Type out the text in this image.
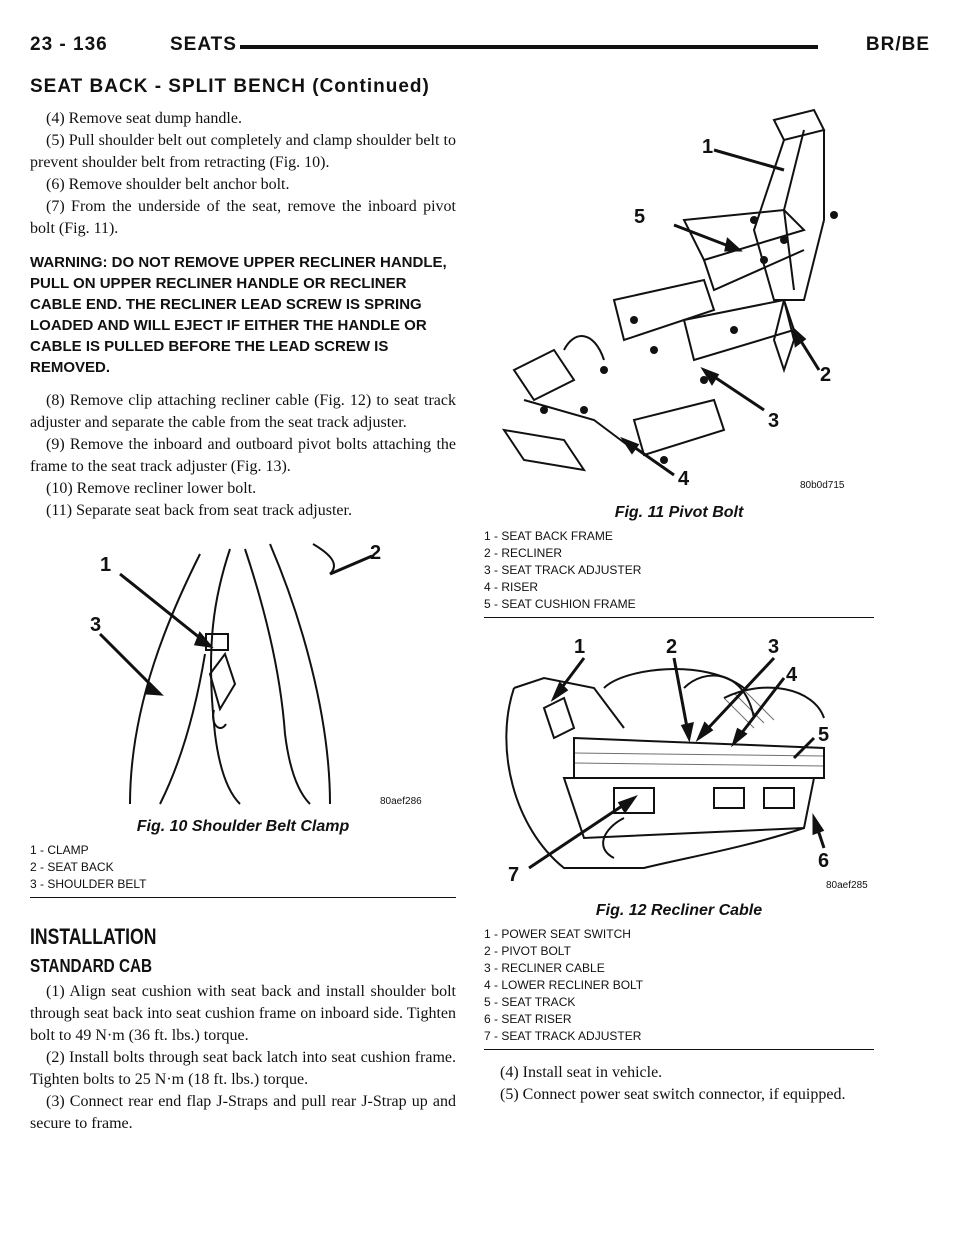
23 - 136	SEATS	BR/BE
SEAT BACK - SPLIT BENCH (Continued)

(4) Remove seat dump handle.

(5) Pull shoulder belt out completely and clamp shoulder belt to prevent shoulder belt from retracting (Fig. 10).

(6) Remove shoulder belt anchor bolt.

(7) From the underside of the seat, remove the inboard pivot bolt (Fig. 11).

WARNING: DO NOT REMOVE UPPER RECLINER HANDLE, PULL ON UPPER RECLINER HANDLE OR RECLINER CABLE END. THE RECLINER LEAD SCREW IS SPRING LOADED AND WILL EJECT IF EITHER THE HANDLE OR CABLE IS PULLED BEFORE THE LEAD SCREW IS REMOVED.

(8) Remove clip attaching recliner cable (Fig. 12) to seat track adjuster and separate the cable from the seat track adjuster.

(9) Remove the inboard and outboard pivot bolts attaching the frame to the seat track adjuster (Fig. 13).

(10) Remove recliner lower bolt.

(11) Separate seat back from seat track adjuster.

1
2
3
80aef286
Fig. 10 Shoulder Belt Clamp
1 - CLAMP
2 - SEAT BACK
3 - SHOULDER BELT
INSTALLATION
STANDARD CAB

(1) Align seat cushion with seat back and install shoulder bolt through seat back into seat cushion frame on inboard side. Tighten bolt to 49 N·m (36 ft. lbs.) torque.

(2) Install bolts through seat back latch into seat cushion frame. Tighten bolts to 25 N·m (18 ft. lbs.) torque.

(3) Connect rear end flap J-Straps and pull rear J-Strap up and secure to frame.

1
2
3
4
5
80b0d715
Fig. 11 Pivot Bolt
1 - SEAT BACK FRAME
2 - RECLINER
3 - SEAT TRACK ADJUSTER
4 - RISER
5 - SEAT CUSHION FRAME
1	2	3
4
5
6
7	80aef285
Fig. 12 Recliner Cable
1 - POWER SEAT SWITCH
2 - PIVOT BOLT
3 - RECLINER CABLE
4 - LOWER RECLINER BOLT
5 - SEAT TRACK
6 - SEAT RISER
7 - SEAT TRACK ADJUSTER

(4) Install seat in vehicle.

(5) Connect power seat switch connector, if equipped.
